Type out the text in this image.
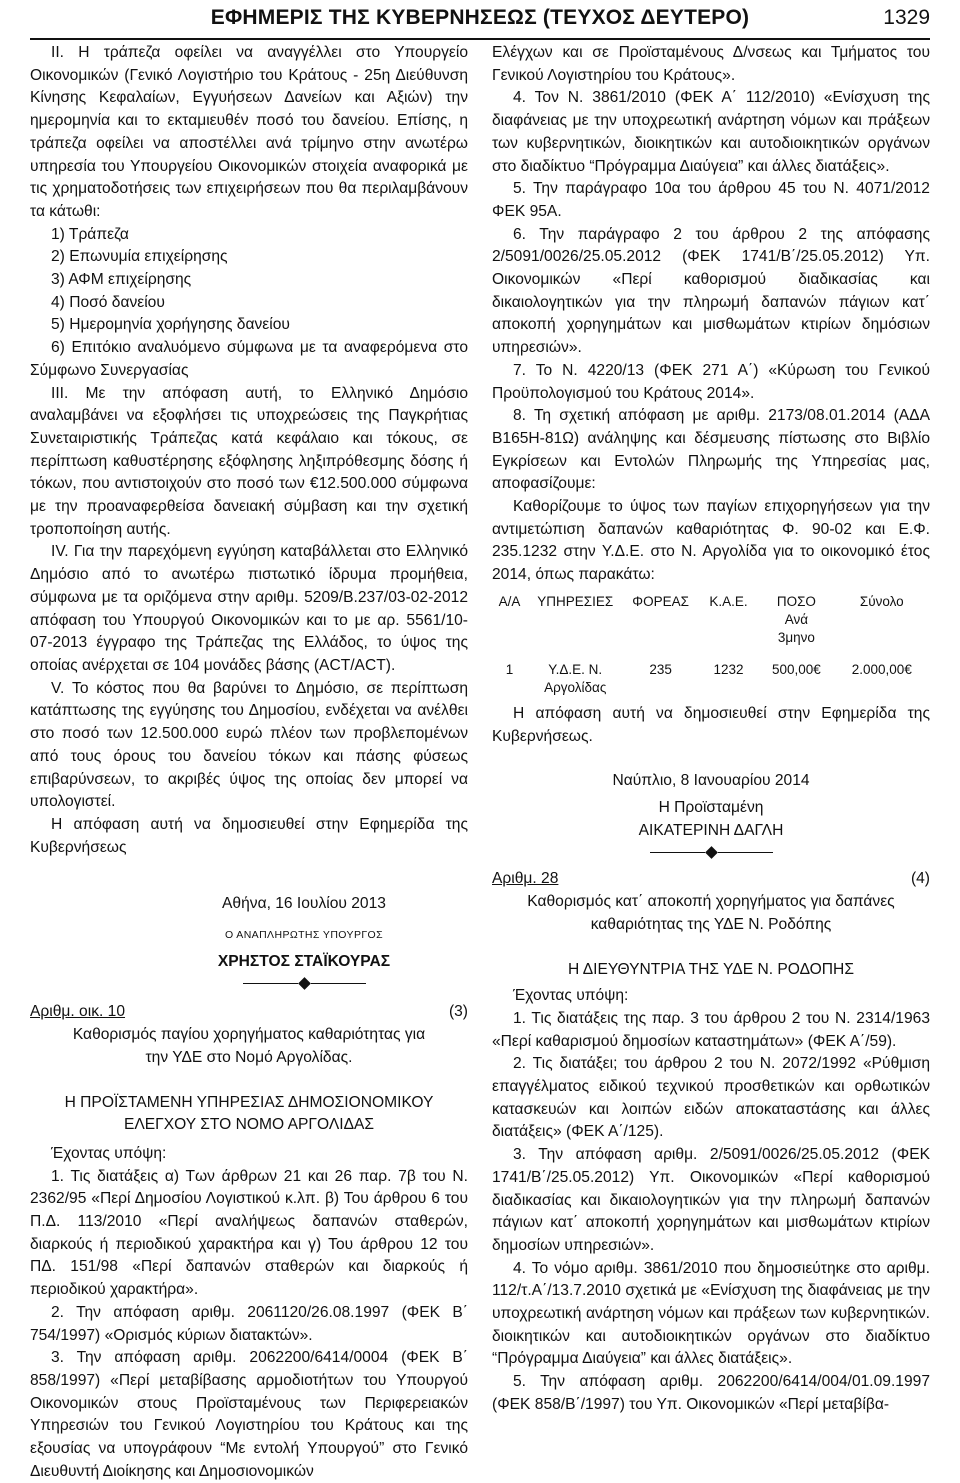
ΕΦΗΜΕΡΙΣ ΤΗΣ ΚΥΒΕΡΝΗΣΕΩΣ (ΤΕΥΧΟΣ ΔΕΥΤΕΡΟ)	1329

ΙΙ. Η τράπεζα οφείλει να αναγγέλλει στο Υπουργείο Οικονομικών (Γενικό Λογιστήριο του Κράτους - 25η Διεύθυνση Κίνησης Κεφαλαίων, Εγγυήσεων Δανείων και Αξιών) την ημερομηνία και το εκταμιευθέν ποσό του δανείου. Επίσης, η τράπεζα οφείλει να αποστέλλει ανά τρίμηνο στην ανωτέρω υπηρεσία του Υπουργείου Οικονομικών στοιχεία αναφορικά με τις χρηματοδοτήσεις των επιχειρήσεων που θα περιλαμβάνουν τα κάτωθι:

1) Τράπεζα

2) Επωνυμία επιχείρησης

3) ΑΦΜ επιχείρησης

4) Ποσό δανείου

5) Ημερομηνία χορήγησης δανείου

6) Επιτόκιο αναλυόμενο σύμφωνα με τα αναφερόμενα στο Σύμφωνο Συνεργασίας

ΙΙΙ. Με την απόφαση αυτή, το Ελληνικό Δημόσιο αναλαμβάνει να εξοφλήσει τις υποχρεώσεις της Παγκρήτιας Συνεταιριστικής Τράπεζας κατά κεφάλαιο και τόκους, σε περίπτωση καθυστέρησης εξόφλησης ληξιπρόθεσμης δόσης ή τόκων, που αντιστοιχούν στο ποσό των €12.500.000 σύμφωνα με την προαναφερθείσα δανειακή σύμβαση και την σχετική τροποποίηση αυτής.

ΙV. Για την παρεχόμενη εγγύηση καταβάλλεται στο Ελληνικό Δημόσιο από το ανωτέρω πιστωτικό ίδρυμα προμήθεια, σύμφωνα με τα οριζόμενα στην αριθμ. 5209/Β.237/03-02-2012 απόφαση του Υπουργού Οικονομικών και το με αρ. 5561/10-07-2013 έγγραφο της Τράπεζας της Ελλάδος, το ύψος της οποίας ανέρχεται σε 104 μονάδες βάσης (ACT/ACT).

V. Το κόστος που θα βαρύνει το Δημόσιο, σε περίπτωση κατάπτωσης της εγγύησης του Δημοσίου, ενδέχεται να ανέλθει στο ποσό των 12.500.000 ευρώ πλέον των προβλεπομένων από τους όρους του δανείου τόκων και πάσης φύσεως επιβαρύνσεων, το ακριβές ύψος της οποίας δεν μπορεί να υπολογιστεί.

Η απόφαση αυτή να δημοσιευθεί στην Εφημερίδα της Κυβερνήσεως

Αθήνα, 16 Ιουλίου 2013

Ο ΑΝΑΠΛΗΡΩΤΗΣ ΥΠΟΥΡΓΟΣ

ΧΡΗΣΤΟΣ ΣΤΑΪΚΟΥΡΑΣ

Αριθμ. οικ. 10	(3)

Καθορισμός παγίου χορηγήματος καθαριότητας για την ΥΔΕ στο Νομό Αργολίδας.

Η ΠΡΟΪΣΤΑΜΕΝΗ ΥΠΗΡΕΣΙΑΣ ΔΗΜΟΣΙΟΝΟΜΙΚΟΥ ΕΛΕΓΧΟΥ ΣΤΟ ΝΟΜΟ ΑΡΓΟΛΙΔΑΣ

Έχοντας υπόψη:

1. Τις διατάξεις α) Των άρθρων 21 και 26 παρ. 7β του Ν. 2362/95 «Περί Δημοσίου Λογιστικού κ.λπ. β) Του άρθρου 6 του Π.Δ. 113/2010 «Περί αναλήψεως δαπανών σταθερών, διαρκούς ή περιοδικού χαρακτήρα και γ) Του άρθρου 12 του ΠΔ. 151/98 «Περί δαπανών σταθερών και διαρκούς ή περιοδικού χαρακτήρα».

2. Την απόφαση αριθμ. 2061120/26.08.1997 (ΦΕΚ Β΄ 754/1997) «Ορισμός κύριων διατακτών».

3. Την απόφαση αριθμ. 2062200/6414/0004 (ΦΕΚ Β΄ 858/1997) «Περί μεταβίβασης αρμοδιοτήτων του Υπουργού Οικονομικών στους Προϊσταμένους των Περιφερειακών Υπηρεσιών του Γενικού Λογιστηρίου του Κράτους και της εξουσίας να υπογράφουν “Με εντολή Υπουργού” στο Γενικό Διευθυντή Διοίκησης και Δημοσιονομικών

Ελέγχων και σε Προϊσταμένους Δ/νσεως και Τμήματος του Γενικού Λογιστηρίου του Κράτους».

4. Τον Ν. 3861/2010 (ΦΕΚ Α΄ 112/2010) «Ενίσχυση της διαφάνειας με την υποχρεωτική ανάρτηση νόμων και πράξεων των κυβερνητικών, διοικητικών και αυτοδιοικητικών οργάνων στο διαδίκτυο “Πρόγραμμα Διαύγεια” και άλλες διατάξεις».

5. Την παράγραφο 10α του άρθρου 45 του Ν. 4071/2012 ΦΕΚ 95Α.

6. Την παράγραφο 2 του άρθρου 2 της απόφασης 2/5091/0026/25.05.2012 (ΦΕΚ 1741/Β΄/25.05.2012) Υπ. Οικονομικών «Περί καθορισμού διαδικασίας και δικαιολογητικών για την πληρωμή δαπανών πάγιων κατ΄ αποκοπή χορηγημάτων και μισθωμάτων κτιρίων δημόσιων υπηρεσιών».

7. Το Ν. 4220/13 (ΦΕΚ 271 Α΄) «Κύρωση του Γενικού Προϋπολογισμού του Κράτους 2014».

8. Τη σχετική απόφαση με αριθμ. 2173/08.01.2014 (ΑΔΑ Β165Η-81Ω) ανάληψης και δέσμευσης πίστωσης στο Βιβλίο Εγκρίσεων και Εντολών Πληρωμής της Υπηρεσίας μας, αποφασίζουμε:

Καθορίζουμε το ύψος των παγίων επιχορηγήσεων για την αντιμετώπιση δαπανών καθαριότητας Φ. 90-02 και Ε.Φ. 235.1232 στην Υ.Δ.Ε. στο Ν. Αργολίδα για το οικονομικό έτος 2014, όπως παρακάτω:

Α/Α	ΥΠΗΡΕΣΙΕΣ	ΦΟΡΕΑΣ	Κ.Α.Ε.	ΠΟΣΟ Ανά 3μηνο	Σύνολο

1	Υ.Δ.Ε. Ν. Αργολίδας	235	1232	500,00€	2.000,00€

Η απόφαση αυτή να δημοσιευθεί στην Εφημερίδα της Κυβερνήσεως.

Ναύπλιο, 8 Ιανουαρίου 2014

Η Προϊσταμένη

ΑΙΚΑΤΕΡΙΝΗ ΔΑΓΛΗ

Αριθμ. 28	(4)

Καθορισμός κατ΄ αποκοπή χορηγήματος για δαπάνες καθαριότητας της ΥΔΕ Ν. Ροδόπης

Η ΔΙΕΥΘΥΝΤΡΙΑ ΤΗΣ ΥΔΕ Ν. ΡΟΔΟΠΗΣ

Έχοντας υπόψη:

1. Τις διατάξεις της παρ. 3 του άρθρου 2 του Ν. 2314/1963 «Περί καθαρισμού δημοσίων καταστημάτων» (ΦΕΚ Α΄/59).

2. Τις διατάξει; του άρθρου 2 του Ν. 2072/1992 «Ρύθμιση επαγγέλματος ειδικού τεχνικού προσθετικών και ορθωτικών κατασκευών και λοιπών ειδών αποκαταστάσης και άλλες διατάξεις» (ΦΕΚ Α΄/125).

3. Την απόφαση αριθμ. 2/5091/0026/25.05.2012 (ΦΕΚ 1741/Β΄/25.05.2012) Υπ. Οικονομικών «Περί καθορισμού διαδικασίας και δικαιολογητικών για την πληρωμή δαπανών πάγιων κατ΄ αποκοπή χορηγημάτων και μισθωμάτων κτιρίων δημοσίων υπηρεσιών».

4. Το νόμο αριθμ. 3861/2010 που δημοσιεύτηκε στο αριθμ. 112/τ.Α΄/13.7.2010 σχετικά με «Ενίσχυση της διαφάνειας με την υποχρεωτική ανάρτηση νόμων και πράξεων των κυβερνητικών. διοικητικών και αυτοδιοικητικών οργάνων στο διαδίκτυο “Πρόγραμμα Διαύγεια” και άλλες διατάξεις».

5. Την απόφαση αριθμ. 2062200/6414/004/01.09.1997 (ΦΕΚ 858/Β΄/1997) του Υπ. Οικονομικών «Περί μεταβίβα-
